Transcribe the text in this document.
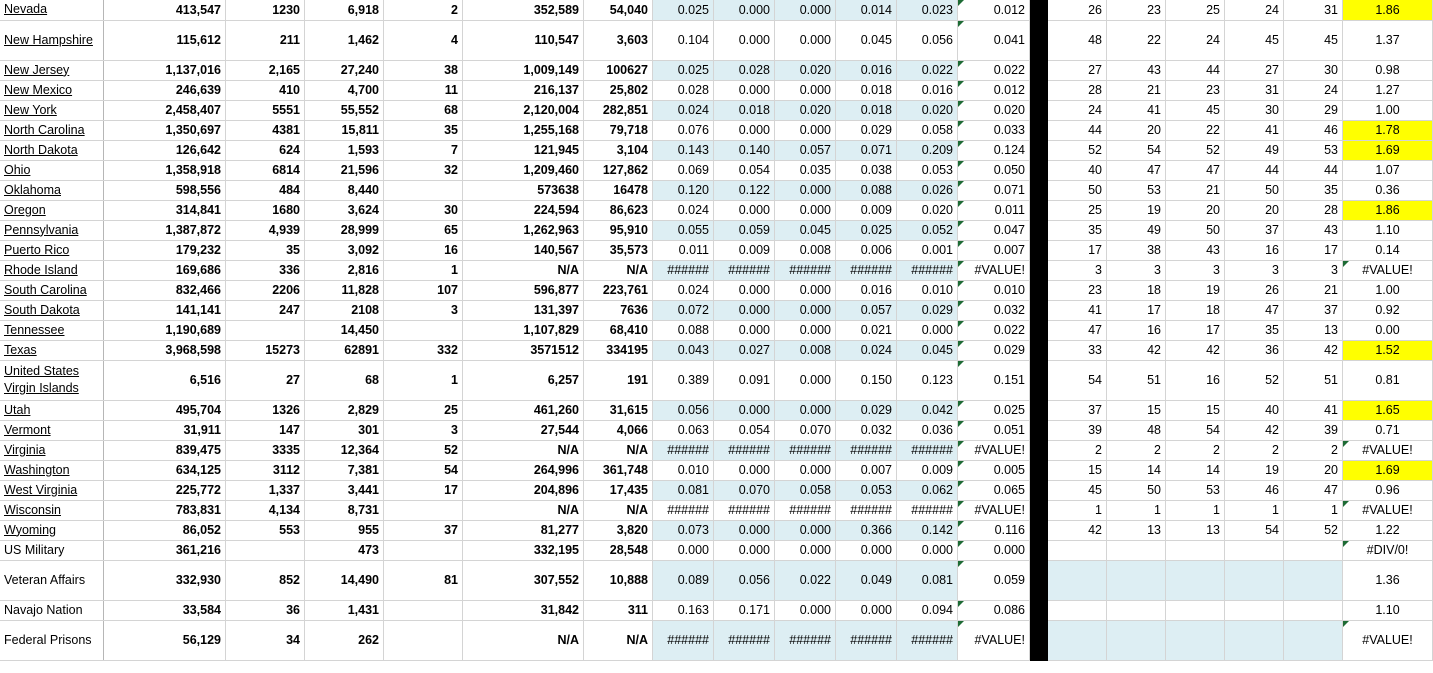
Nevada	413,547	1230	6,918	2	352,589	54,040	0.025	0.000	0.000	0.014	0.023	0.012		26	23	25	24	31	1.86
New Hampshire	115,612	211	1,462	4	110,547	3,603	0.104	0.000	0.000	0.045	0.056	0.041		48	22	24	45	45	1.37
New Jersey	1,137,016	2,165	27,240	38	1,009,149	100627	0.025	0.028	0.020	0.016	0.022	0.022		27	43	44	27	30	0.98
New Mexico	246,639	410	4,700	11	216,137	25,802	0.028	0.000	0.000	0.018	0.016	0.012		28	21	23	31	24	1.27
New York	2,458,407	5551	55,552	68	2,120,004	282,851	0.024	0.018	0.020	0.018	0.020	0.020		24	41	45	30	29	1.00
North Carolina	1,350,697	4381	15,811	35	1,255,168	79,718	0.076	0.000	0.000	0.029	0.058	0.033		44	20	22	41	46	1.78
North Dakota	126,642	624	1,593	7	121,945	3,104	0.143	0.140	0.057	0.071	0.209	0.124		52	54	52	49	53	1.69
Ohio	1,358,918	6814	21,596	32	1,209,460	127,862	0.069	0.054	0.035	0.038	0.053	0.050		40	47	47	44	44	1.07
Oklahoma	598,556	484	8,440		573638	16478	0.120	0.122	0.000	0.088	0.026	0.071		50	53	21	50	35	0.36
Oregon	314,841	1680	3,624	30	224,594	86,623	0.024	0.000	0.000	0.009	0.020	0.011		25	19	20	20	28	1.86
Pennsylvania	1,387,872	4,939	28,999	65	1,262,963	95,910	0.055	0.059	0.045	0.025	0.052	0.047		35	49	50	37	43	1.10
Puerto Rico	179,232	35	3,092	16	140,567	35,573	0.011	0.009	0.008	0.006	0.001	0.007		17	38	43	16	17	0.14
Rhode Island	169,686	336	2,816	1	N/A	N/A	######	######	######	######	######	#VALUE!		3	3	3	3	3	#VALUE!
South Carolina	832,466	2206	11,828	107	596,877	223,761	0.024	0.000	0.000	0.016	0.010	0.010		23	18	19	26	21	1.00
South Dakota	141,141	247	2108	3	131,397	7636	0.072	0.000	0.000	0.057	0.029	0.032		41	17	18	47	37	0.92
Tennessee	1,190,689		14,450		1,107,829	68,410	0.088	0.000	0.000	0.021	0.000	0.022		47	16	17	35	13	0.00
Texas	3,968,598	15273	62891	332	3571512	334195	0.043	0.027	0.008	0.024	0.045	0.029		33	42	42	36	42	1.52
United States Virgin Islands	6,516	27	68	1	6,257	191	0.389	0.091	0.000	0.150	0.123	0.151		54	51	16	52	51	0.81
Utah	495,704	1326	2,829	25	461,260	31,615	0.056	0.000	0.000	0.029	0.042	0.025		37	15	15	40	41	1.65
Vermont	31,911	147	301	3	27,544	4,066	0.063	0.054	0.070	0.032	0.036	0.051		39	48	54	42	39	0.71
Virginia	839,475	3335	12,364	52	N/A	N/A	######	######	######	######	######	#VALUE!		2	2	2	2	2	#VALUE!
Washington	634,125	3112	7,381	54	264,996	361,748	0.010	0.000	0.000	0.007	0.009	0.005		15	14	14	19	20	1.69
West Virginia	225,772	1,337	3,441	17	204,896	17,435	0.081	0.070	0.058	0.053	0.062	0.065		45	50	53	46	47	0.96
Wisconsin	783,831	4,134	8,731		N/A	N/A	######	######	######	######	######	#VALUE!		1	1	1	1	1	#VALUE!
Wyoming	86,052	553	955	37	81,277	3,820	0.073	0.000	0.000	0.366	0.142	0.116		42	13	13	54	52	1.22
US Military	361,216		473		332,195	28,548	0.000	0.000	0.000	0.000	0.000	0.000							#DIV/0!
Veteran Affairs	332,930	852	14,490	81	307,552	10,888	0.089	0.056	0.022	0.049	0.081	0.059							1.36
Navajo Nation	33,584	36	1,431		31,842	311	0.163	0.171	0.000	0.000	0.094	0.086							1.10
Federal Prisons	56,129	34	262		N/A	N/A	######	######	######	######	######	#VALUE!							#VALUE!
